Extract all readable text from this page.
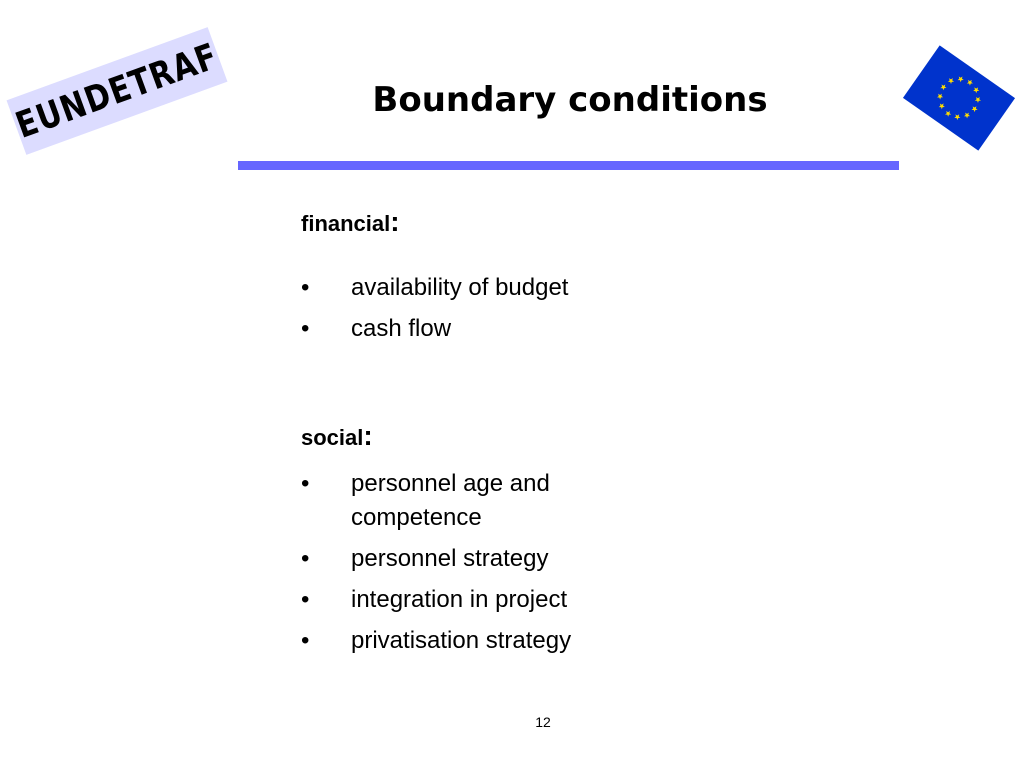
EUNDETRAF	Boundary conditions
financial:
• availability of budget
• cash flow
social:
• personnel age and competence
• personnel strategy
• integration in project
• privatisation strategy
12
